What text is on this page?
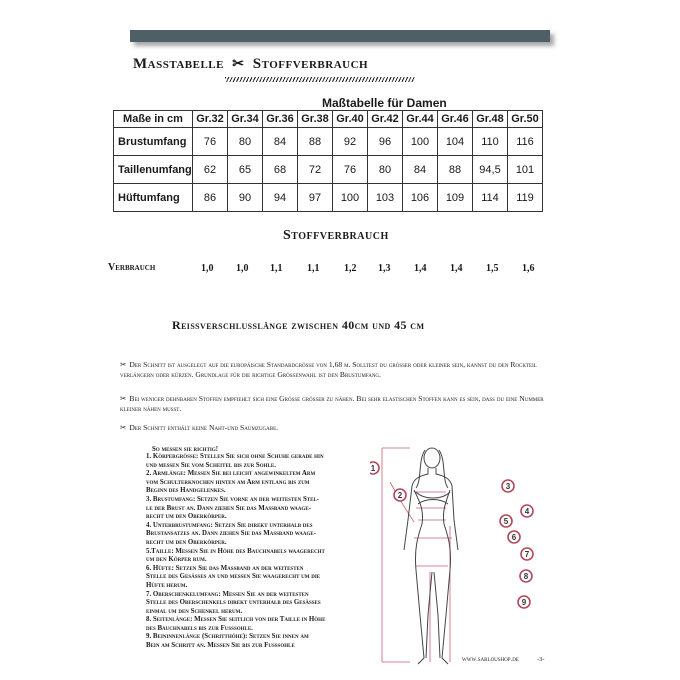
Masstabelle ✂ Stoffverbrauch
Maßtabelle für Damen
Maße in cm	Gr.32	Gr.34	Gr.36	Gr.38	Gr.40	Gr.42	Gr.44	Gr.46	Gr.48	Gr.50
Brustumfang	76	80	84	88	92	96	100	104	110	116
Taillenumfang	62	65	68	72	76	80	84	88	94,5	101
Hüftumfang	86	90	94	97	100	103	106	109	114	119
Stoffverbrauch
Verbrauch	1,0 1,0 1,1 1,1 1,2 1,3 1,4 1,4 1,5 1,6
Reissverschlusslänge zwischen 40cm und 45 cm
✂ Der Schnitt ist ausgelegt auf die europäische Standardgrösse von 1,68 m. Solltest du grösser oder kleiner sein, kannst du den Rockteil verlängern oder kürzen. Grundlage für die richtige Grössenwahl ist den Brustumfang.
✂ Bei weniger dehnbaren Stoffen empfiehlt sich eine Grösse grösser zu nähen. Bei sehr elastischen Stoffen kann es sein, dass du eine Nummer kleiner nähen musst.
✂ Der Schnitt enthält keine Naht-und Saumzugabe.
So messen sie richtig!
1. Körpergrösse: Stellen Sie sich ohne Schuhe gerade hin
und messen Sie vom Scheitel bis zur Sohle.
2. Armlänge: Messen Sie bei leicht angewinkeltem Arm
vom Schulterknochen hinten am Arm entlang bis zum
Beginn des Handgelenkes.
3. Brustumfang: Setzen Sie vorne an der weitesten Stel-
le der Brust an. Dann ziehen Sie das Massband waage-
recht um den Oberkörper.
4. Unterbrustumfang: Setzen Sie direkt unterhalb des
Brustansatzes an. Dann ziehen Sie das Massband waage-
recht um den Oberkörper.
5.Taille: Messen Sie in Höhe des Bauchnabels waagerecht
um den Körper rum.
6. Hüfte: Setzen Sie das Massband an der weitesten
Stelle des Gesässes an und messen Sie waagerecht um die
Hüfte herum.
7. Oberschenkelumfang: Messen Sie an der weitesten
Stelle des Oberschenkels direkt unterhalb des Gesässes
einmal um den Schenkel herum.
8. Seitenlänge: Messen Sie seitlich von der Taille in Höhe
des Bauchnabels bis zur Fusssohle.
9. Beininnenlänge (Schritthöhe): Setzen Sie innen am
Bein am Schritt an. Messen Sie bis zur Fusssohle
1
2
3
4
5
6
7
8
9
www.sarloushop.de	-3-
